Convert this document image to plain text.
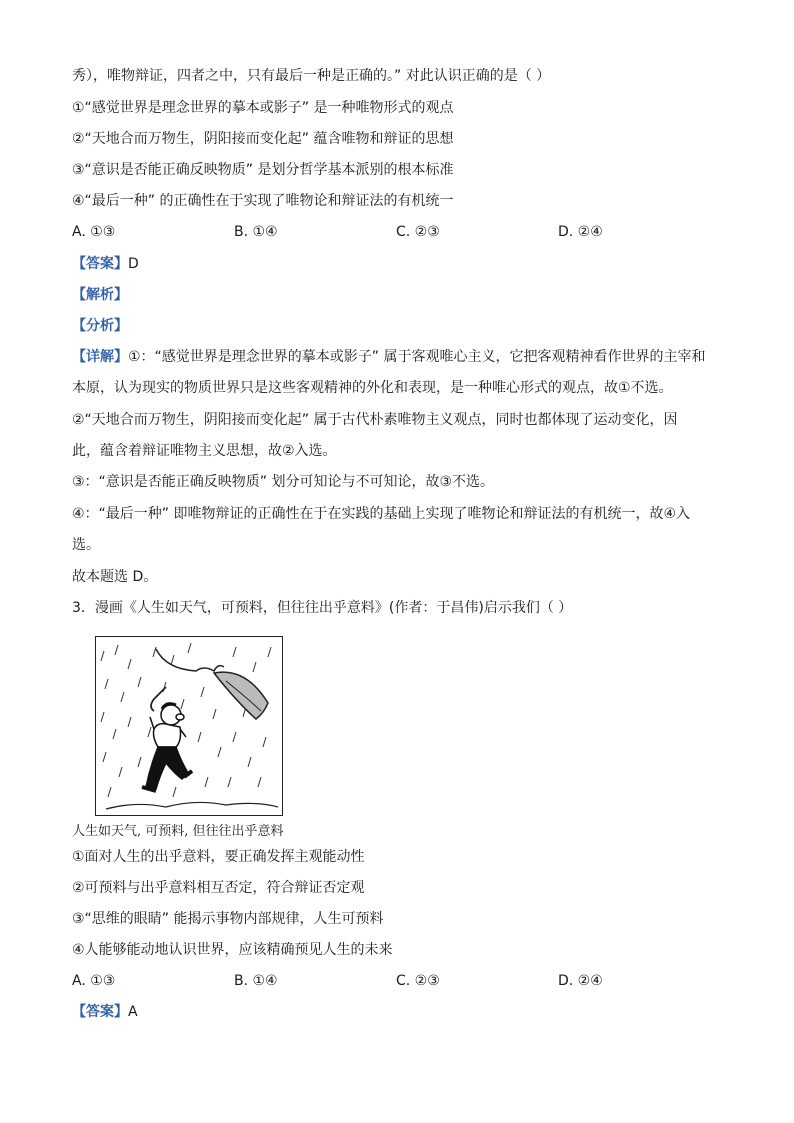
秀），唯物辩证，四者之中，只有最后一种是正确的。” 对此认识正确的是（ ）
①“感觉世界是理念世界的摹本或影子” 是一种唯物形式的观点
②“天地合而万物生，阴阳接而变化起” 蕴含唯物和辩证的思想
③“意识是否能正确反映物质” 是划分哲学基本派别的根本标准
④“最后一种” 的正确性在于实现了唯物论和辩证法的有机统一
A. ①③	B. ①④	C. ②③	D. ②④
【答案】D
【解析】
【分析】
【详解】①：“感觉世界是理念世界的摹本或影子” 属于客观唯心主义，它把客观精神看作世界的主宰和
本原，认为现实的物质世界只是这些客观精神的外化和表现，是一种唯心形式的观点，故①不选。
②“天地合而万物生，阴阳接而变化起” 属于古代朴素唯物主义观点，同时也都体现了运动变化，因
此，蕴含着辩证唯物主义思想，故②入选。
③：“意识是否能正确反映物质” 划分可知论与不可知论，故③不选。
④：“最后一种” 即唯物辩证的正确性在于在实践的基础上实现了唯物论和辩证法的有机统一，故④入
选。
故本题选 D。
3．漫画《人生如天气，可预料，但往往出乎意料》(作者：于昌伟)启示我们（ ）
人生如天气, 可预料, 但往往出乎意料
①面对人生的出乎意料，要正确发挥主观能动性
②可预料与出乎意料相互否定，符合辩证否定观
③“思维的眼睛” 能揭示事物内部规律，人生可预料
④人能够能动地认识世界，应该精确预见人生的未来
A. ①③	B. ①④	C. ②③	D. ②④
【答案】A
